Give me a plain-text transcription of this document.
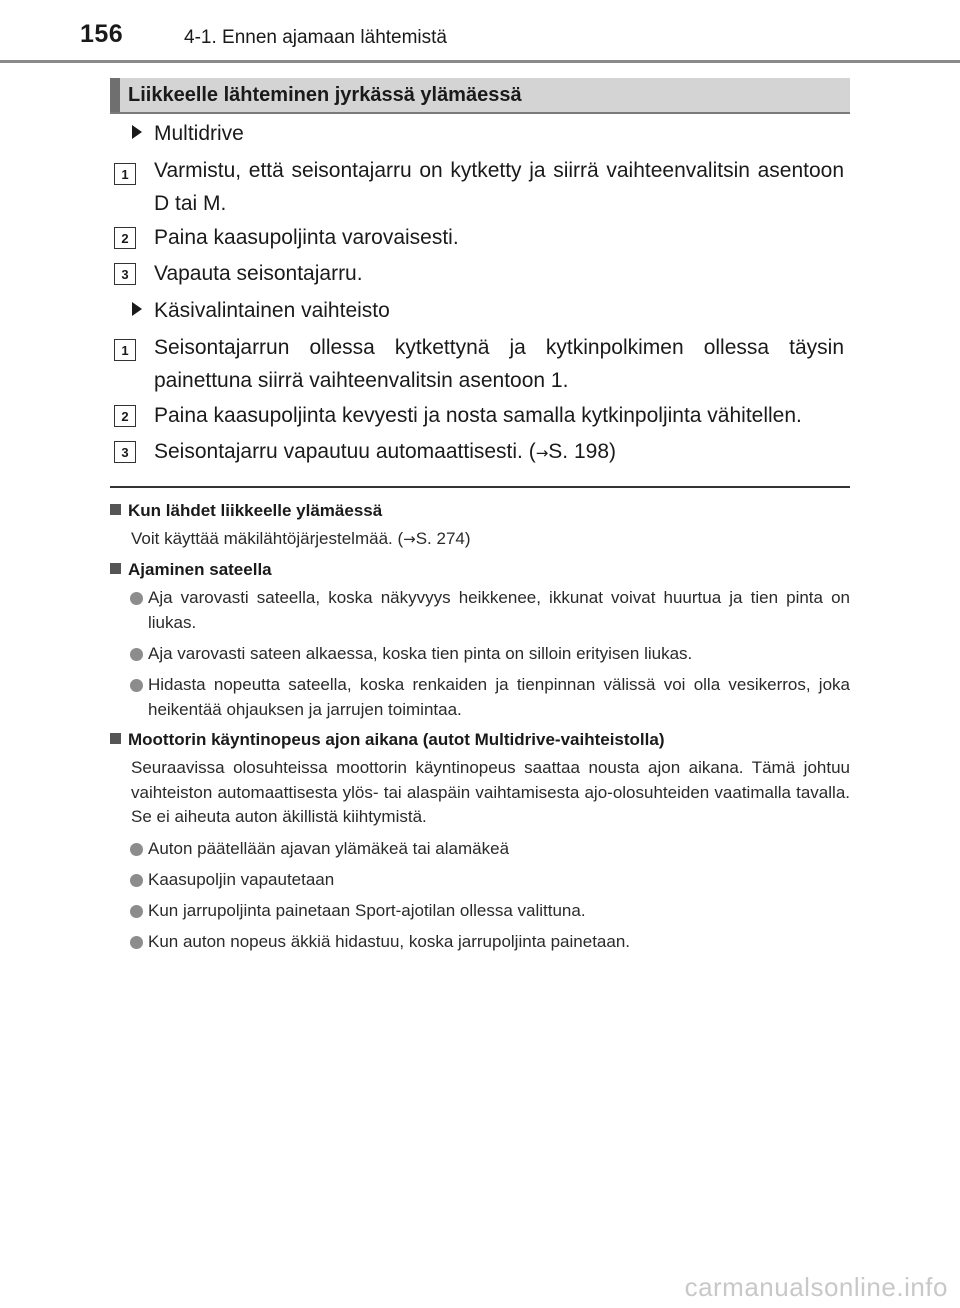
156	4-1. Ennen ajamaan lähtemistä
Liikkeelle lähteminen jyrkässä ylämäessä
Multidrive
1	Varmistu, että seisontajarru on kytketty ja siirrä vaihteenvalitsin asentoon D tai M.
2	Paina kaasupoljinta varovaisesti.
3	Vapauta seisontajarru.
Käsivalintainen vaihteisto
1	Seisontajarrun ollessa kytkettynä ja kytkinpolkimen ollessa täysin painettuna siirrä vaihteenvalitsin asentoon 1.
2	Paina kaasupoljinta kevyesti ja nosta samalla kytkinpoljinta vähitellen.
3	Seisontajarru vapautuu automaattisesti. (→S. 198)
Kun lähdet liikkeelle ylämäessä
Voit käyttää mäkilähtöjärjestelmää. (→S. 274)
Ajaminen sateella
Aja varovasti sateella, koska näkyvyys heikkenee, ikkunat voivat huurtua ja tien pinta on liukas.
Aja varovasti sateen alkaessa, koska tien pinta on silloin erityisen liukas.
Hidasta nopeutta sateella, koska renkaiden ja tienpinnan välissä voi olla vesikerros, joka heikentää ohjauksen ja jarrujen toimintaa.
Moottorin käyntinopeus ajon aikana (autot Multidrive-vaihteistolla)
Seuraavissa olosuhteissa moottorin käyntinopeus saattaa nousta ajon aikana. Tämä johtuu vaihteiston automaattisesta ylös- tai alaspäin vaihtamisesta ajo-olosuhteiden vaatimalla tavalla. Se ei aiheuta auton äkillistä kiihtymistä.
Auton päätellään ajavan ylämäkeä tai alamäkeä
Kaasupoljin vapautetaan
Kun jarrupoljinta painetaan Sport-ajotilan ollessa valittuna.
Kun auton nopeus äkkiä hidastuu, koska jarrupoljinta painetaan.
carmanualsonline.info
